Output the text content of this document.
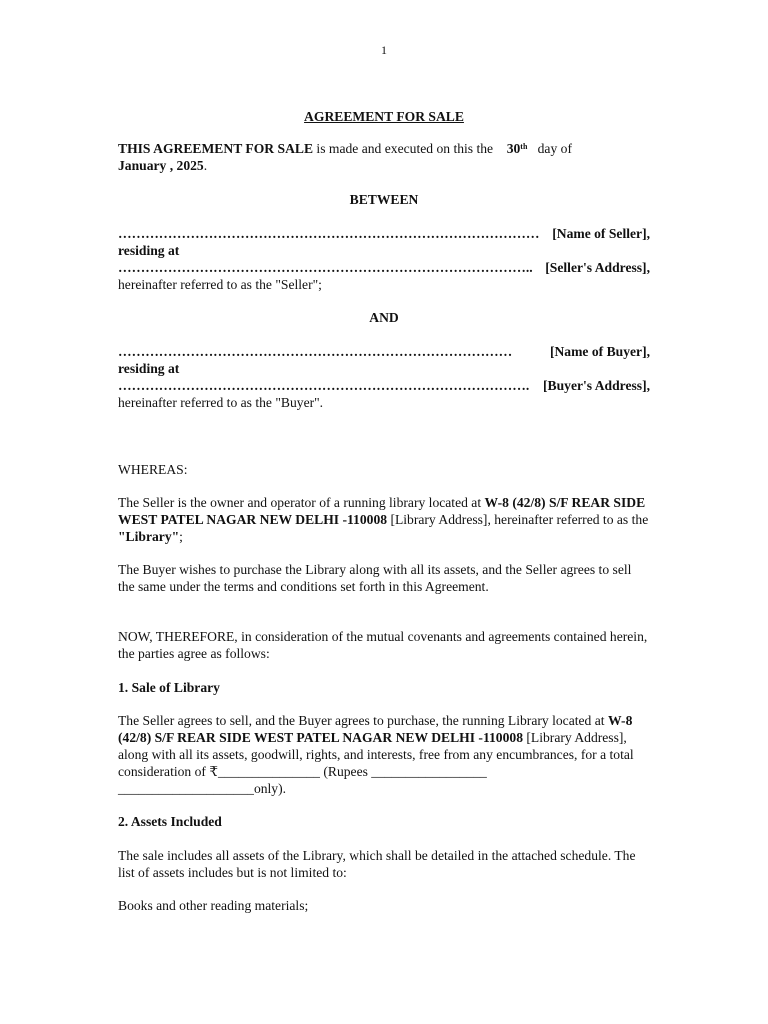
1
AGREEMENT FOR SALE
THIS AGREEMENT FOR SALE is made and executed on this the    30th   day of
January , 2025.
BETWEEN
………………………………………………………………………………… [Name of Seller],
residing at
……………………………………………………………………………….. [Seller's Address],
hereinafter referred to as the "Seller";
AND
……………………………………………………………………………	[Name of Buyer],
residing at
……………………………………………………………………………….	[Buyer's Address],
hereinafter referred to as the "Buyer".
WHEREAS:
The Seller is the owner and operator of a running library located at W-8 (42/8) S/F REAR SIDE WEST PATEL NAGAR NEW DELHI -110008 [Library Address], hereinafter referred to as the "Library";
The Buyer wishes to purchase the Library along with all its assets, and the Seller agrees to sell the same under the terms and conditions set forth in this Agreement.
NOW, THEREFORE, in consideration of the mutual covenants and agreements contained herein, the parties agree as follows:
1. Sale of Library
The Seller agrees to sell, and the Buyer agrees to purchase, the running Library located at W-8 (42/8) S/F REAR SIDE WEST PATEL NAGAR NEW DELHI -110008 [Library Address], along with all its assets, goodwill, rights, and interests, free from any encumbrances, for a total consideration of ₹_______________ (Rupees _________________ ____________________only).
2. Assets Included
The sale includes all assets of the Library, which shall be detailed in the attached schedule. The list of assets includes but is not limited to:
Books and other reading materials;
